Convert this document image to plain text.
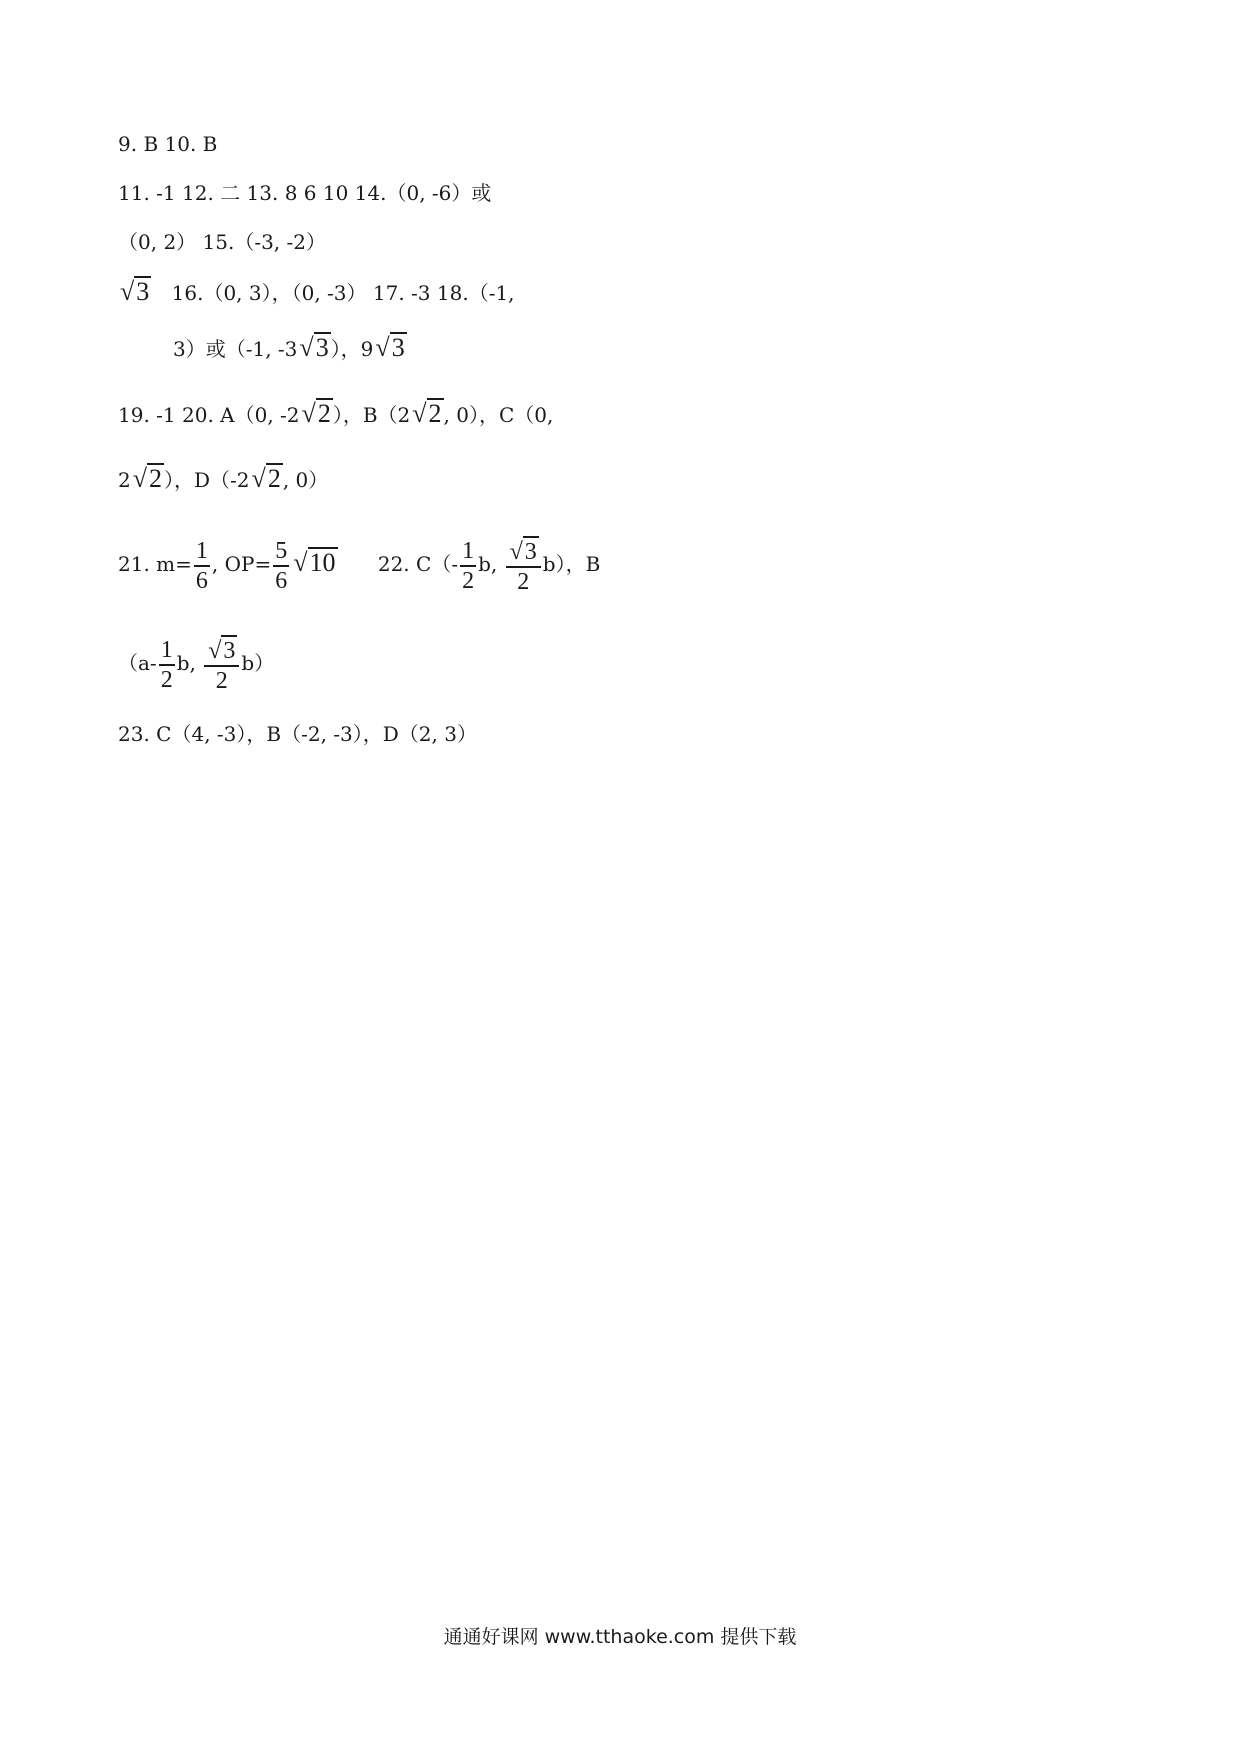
9. B 10. B
11. -1 12. 二 13. 8 6 10 14.（0, -6）或
（0, 2） 15.（-3, -2）
√3 16.（0, 3），（0, -3） 17. -3 18.（-1,
3）或（-1, -3√3 ），9√3
19. -1 20. A（0, -2√2 ），B（2√2 , 0），C（0,
2√2 ），D（-2√2 , 0）
21. $m= \frac{1}{6}$ , $OP= \frac{5}{6} √10$ 22. $C(- \frac{1}{2} b$, $\frac{√3}{2} b$），B
（$a- \frac{1}{2} b$, $\frac{√3}{2} b$）
23. C（4, -3），B（-2, -3），D（2, 3）
通通好课网 www.tthaoke.com 提供下载
